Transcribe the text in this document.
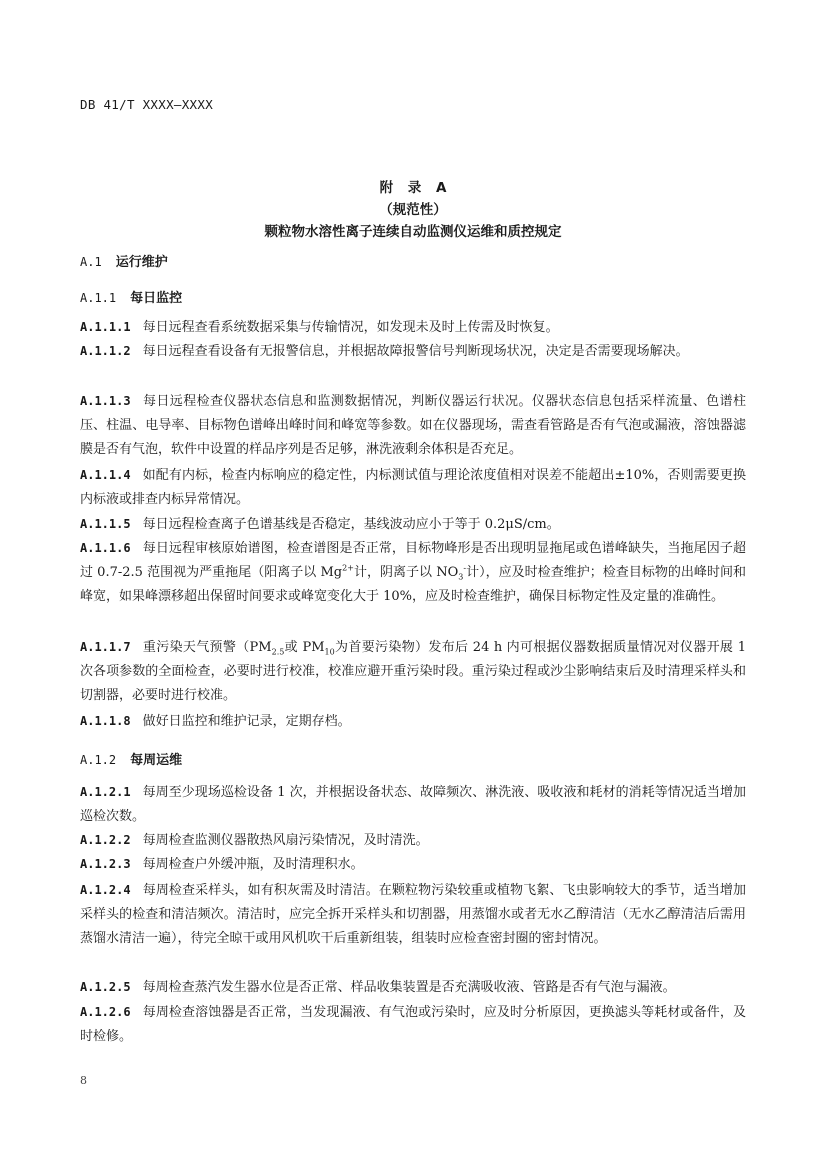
DB 41/T XXXX—XXXX
附 录 A
（规范性）
颗粒物水溶性离子连续自动监测仪运维和质控规定
A.1 运行维护
A.1.1 每日监控
A.1.1.1 每日远程查看系统数据采集与传输情况，如发现未及时上传需及时恢复。
A.1.1.2 每日远程查看设备有无报警信息，并根据故障报警信号判断现场状况，决定是否需要现场解决。
A.1.1.3 每日远程检查仪器状态信息和监测数据情况，判断仪器运行状况。仪器状态信息包括采样流量、色谱柱压、柱温、电导率、目标物色谱峰出峰时间和峰宽等参数。如在仪器现场，需查看管路是否有气泡或漏液，溶蚀器滤膜是否有气泡，软件中设置的样品序列是否足够，淋洗液剩余体积是否充足。
A.1.1.4 如配有内标，检查内标响应的稳定性，内标测试值与理论浓度值相对误差不能超出±10%，否则需要更换内标液或排查内标异常情况。
A.1.1.5 每日远程检查离子色谱基线是否稳定，基线波动应小于等于 0.2μS/cm。
A.1.1.6 每日远程审核原始谱图，检查谱图是否正常，目标物峰形是否出现明显拖尾或色谱峰缺失，当拖尾因子超过 0.7-2.5 范围视为严重拖尾（阳离子以 $Mg^{2+}$计，阴离子以 $NO_3^-$计），应及时检查维护；检查目标物的出峰时间和峰宽，如果峰漂移超出保留时间要求或峰宽变化大于 10%，应及时检查维护，确保目标物定性及定量的准确性。
A.1.1.7 重污染天气预警（$PM_{2.5}$或 $PM_{10}$为首要污染物）发布后 24 h 内可根据仪器数据质量情况对仪器开展 1 次各项参数的全面检查，必要时进行校准，校准应避开重污染时段。重污染过程或沙尘影响结束后及时清理采样头和切割器，必要时进行校准。
A.1.1.8 做好日监控和维护记录，定期存档。
A.1.2 每周运维
A.1.2.1 每周至少现场巡检设备 1 次，并根据设备状态、故障频次、淋洗液、吸收液和耗材的消耗等情况适当增加巡检次数。
A.1.2.2 每周检查监测仪器散热风扇污染情况，及时清洗。
A.1.2.3 每周检查户外缓冲瓶，及时清理积水。
A.1.2.4 每周检查采样头，如有积灰需及时清洁。在颗粒物污染较重或植物飞絮、飞虫影响较大的季节，适当增加采样头的检查和清洁频次。清洁时，应完全拆开采样头和切割器，用蒸馏水或者无水乙醇清洁（无水乙醇清洁后需用蒸馏水清洁一遍），待完全晾干或用风机吹干后重新组装，组装时应检查密封圈的密封情况。
A.1.2.5 每周检查蒸汽发生器水位是否正常、样品收集装置是否充满吸收液、管路是否有气泡与漏液。
A.1.2.6 每周检查溶蚀器是否正常，当发现漏液、有气泡或污染时，应及时分析原因，更换滤头等耗材或备件，及时检修。
8
